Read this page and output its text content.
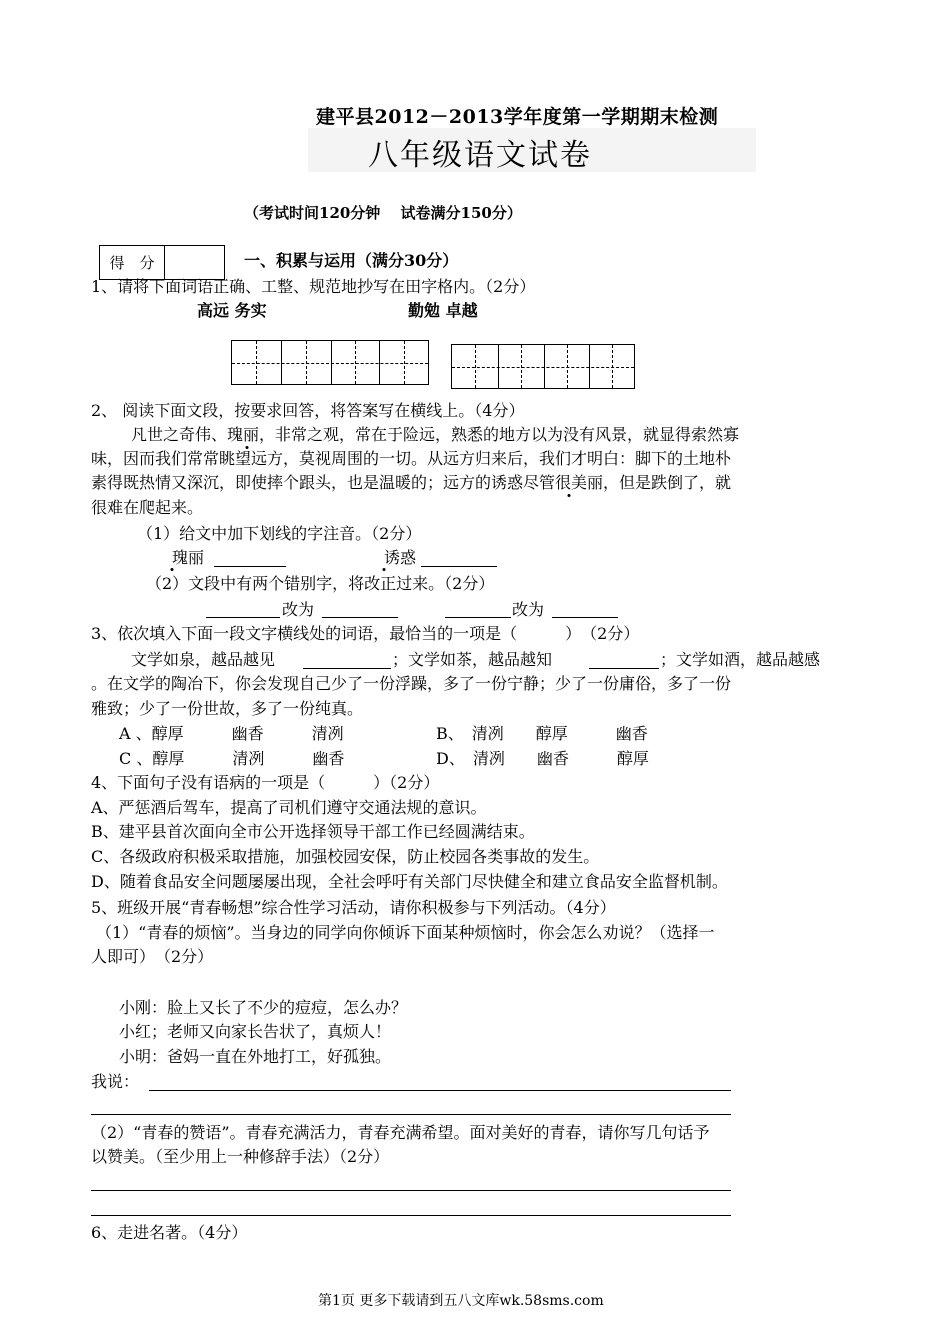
建平县2012－2013学年度第一学期期末检测
八年级语文试卷
（考试时间120分钟　 试卷满分150分）
得　分	一、积累与运用（满分30分）
1、请将下面词语正确、工整、规范地抄写在田字格内。（2分）
高远 务实	勤勉 卓越
2、 阅读下面文段，按要求回答，将答案写在横线上。（4分）
凡世之奇伟、瑰丽，非常之观，常在于险远，熟悉的地方以为没有风景，就显得索然寡
味，因而我们常常眺望远方，莫视周围的一切。从远方归来后，我们才明白：脚下的土地朴
素得既热情又深沉，即使摔个跟头，也是温暖的；远方的诱惑尽管很美丽，但是跌倒了，就
很难在爬起来。
（1）给文中加下划线的字注音。（2分）
瑰丽	诱惑
（2）文段中有两个错别字，将改正过来。（2分）
改为	改为
3、依次填入下面一段文字横线处的词语，最恰当的一项是（　　　）　（2分）
文学如泉，越品越见	；文学如茶，越品越知	；文学如酒，越品越感
。在文学的陶冶下，你会发现自己少了一份浮躁，多了一份宁静；少了一份庸俗，多了一份
雅致；少了一份世故，多了一份纯真。
A 、醇厚　　　幽香　　　清冽	B、　清冽　　醇厚　　　幽香
C 、醇厚　　　清冽　　　幽香	D、　清冽　　幽香　　　醇厚
4、下面句子没有语病的一项是（　　　）（2分）
A、严惩酒后驾车，提高了司机们遵守交通法规的意识。
B、建平县首次面向全市公开选择领导干部工作已经圆满结束。
C、各级政府积极采取措施，加强校园安保，防止校园各类事故的发生。
D、随着食品安全问题屡屡出现，全社会呼吁有关部门尽快健全和建立食品安全监督机制。
5、班级开展“青春畅想”综合性学习活动，请你积极参与下列活动。（4分）
（1）“青春的烦恼”。当身边的同学向你倾诉下面某种烦恼时，你会怎么劝说？（选择一
人即可）　（2分）
小刚：脸上又长了不少的痘痘，怎么办？
小红；老师又向家长告状了，真烦人！
小明：爸妈一直在外地打工，好孤独。
我说：
（2）“青春的赞语”。青春充满活力，青春充满希望。面对美好的青春，请你写几句话予
以赞美。（至少用上一种修辞手法）（2分）
6、走进名著。（4分）
第1页 更多下载请到五八文库wk.58sms.com
